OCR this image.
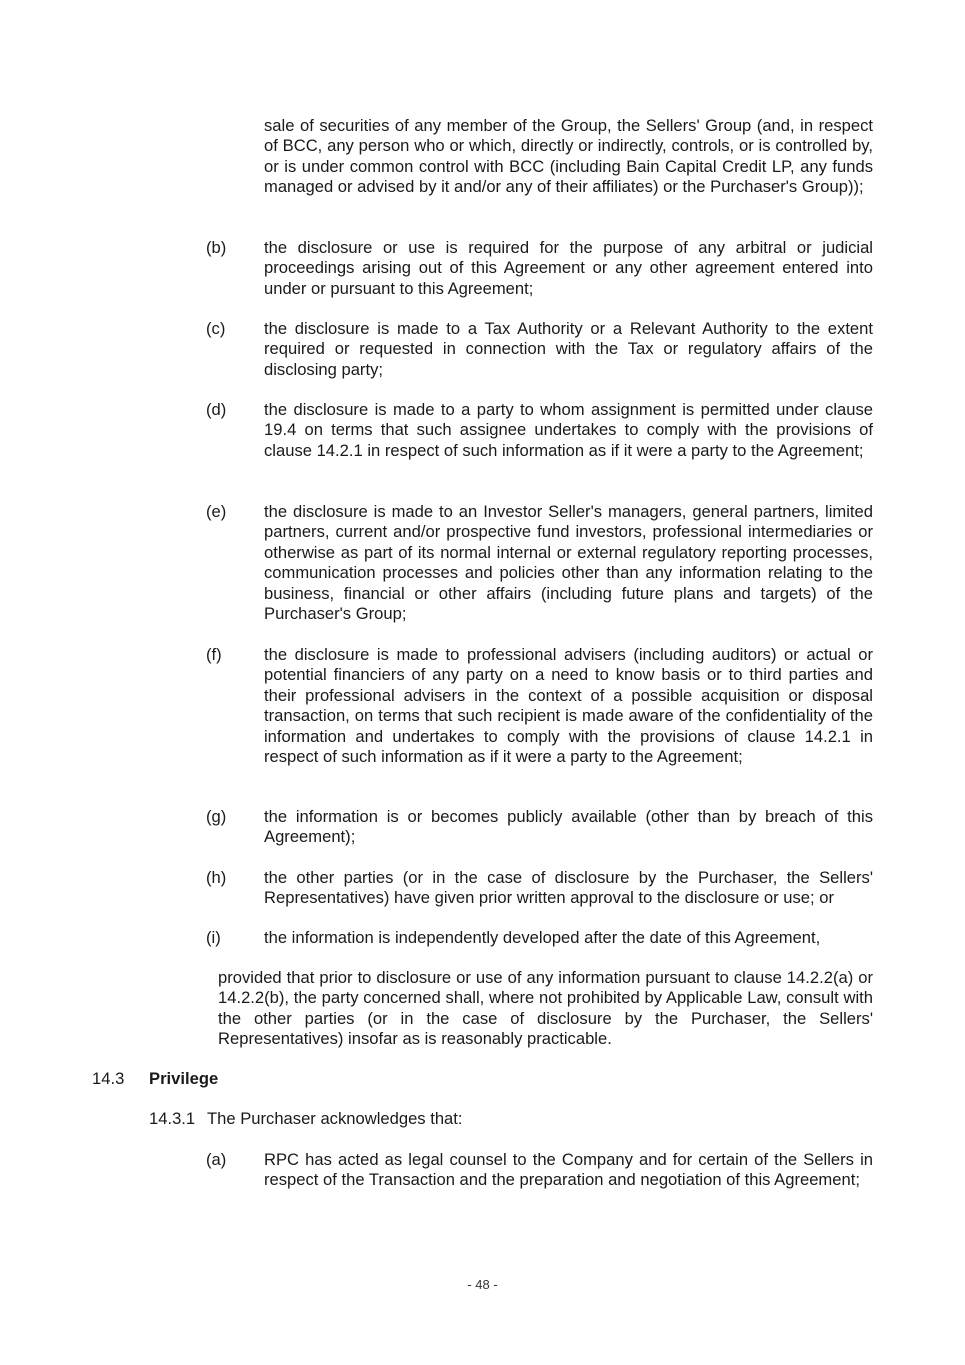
sale of securities of any member of the Group, the Sellers' Group (and, in respect of BCC, any person who or which, directly or indirectly, controls, or is controlled by, or is under common control with BCC (including Bain Capital Credit LP, any funds managed or advised by it and/or any of their affiliates) or the Purchaser's Group));

(b) the disclosure or use is required for the purpose of any arbitral or judicial proceedings arising out of this Agreement or any other agreement entered into under or pursuant to this Agreement;

(c) the disclosure is made to a Tax Authority or a Relevant Authority to the extent required or requested in connection with the Tax or regulatory affairs of the disclosing party;

(d) the disclosure is made to a party to whom assignment is permitted under clause 19.4 on terms that such assignee undertakes to comply with the provisions of clause 14.2.1 in respect of such information as if it were a party to the Agreement;

(e) the disclosure is made to an Investor Seller's managers, general partners, limited partners, current and/or prospective fund investors, professional intermediaries or otherwise as part of its normal internal or external regulatory reporting processes, communication processes and policies other than any information relating to the business, financial or other affairs (including future plans and targets) of the Purchaser's Group;

(f)	the disclosure is made to professional advisers (including auditors) or actual or potential financiers of any party on a need to know basis or to third parties and their professional advisers in the context of a possible acquisition or disposal transaction, on terms that such recipient is made aware of the confidentiality of the information and undertakes to comply with the provisions of clause 14.2.1 in respect of such information as if it were a party to the Agreement;

(g) the information is or becomes publicly available (other than by breach of this Agreement);

(h) the other parties (or in the case of disclosure by the Purchaser, the Sellers' Representatives) have given prior written approval to the disclosure or use; or

(i)	the information is independently developed after the date of this Agreement,

provided that prior to disclosure or use of any information pursuant to clause 14.2.2(a) or 14.2.2(b), the party concerned shall, where not prohibited by Applicable Law, consult with the other parties (or in the case of disclosure by the Purchaser, the Sellers' Representatives) insofar as is reasonably practicable.

14.3 Privilege
14.3.1 The Purchaser acknowledges that:
(a) RPC has acted as legal counsel to the Company and for certain of the Sellers in respect of the Transaction and the preparation and negotiation of this Agreement;

- 48 -
